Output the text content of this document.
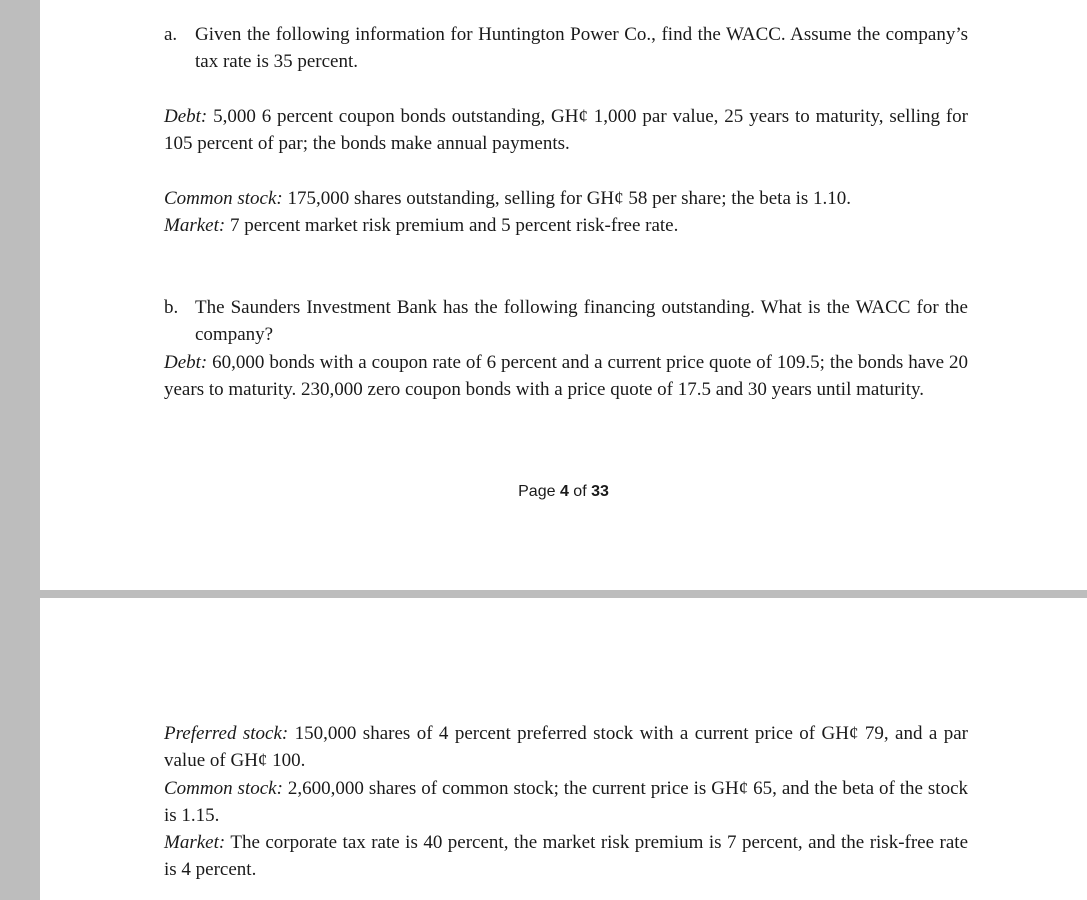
a. Given the following information for Huntington Power Co., find the WACC. Assume the company’s tax rate is 35 percent.

Debt: 5,000 6 percent coupon bonds outstanding, GH¢ 1,000 par value, 25 years to maturity, selling for 105 percent of par; the bonds make annual payments.

Common stock: 175,000 shares outstanding, selling for GH¢ 58 per share; the beta is 1.10.

Market: 7 percent market risk premium and 5 percent risk-free rate.

b. The Saunders Investment Bank has the following financing outstanding. What is the WACC for the company?

Debt: 60,000 bonds with a coupon rate of 6 percent and a current price quote of 109.5; the bonds have 20 years to maturity. 230,000 zero coupon bonds with a price quote of 17.5 and 30 years until maturity.

Page 4 of 33

Preferred stock: 150,000 shares of 4 percent preferred stock with a current price of GH¢ 79, and a par value of GH¢ 100.

Common stock: 2,600,000 shares of common stock; the current price is GH¢ 65, and the beta of the stock is 1.15.

Market: The corporate tax rate is 40 percent, the market risk premium is 7 percent, and the risk-free rate is 4 percent.
